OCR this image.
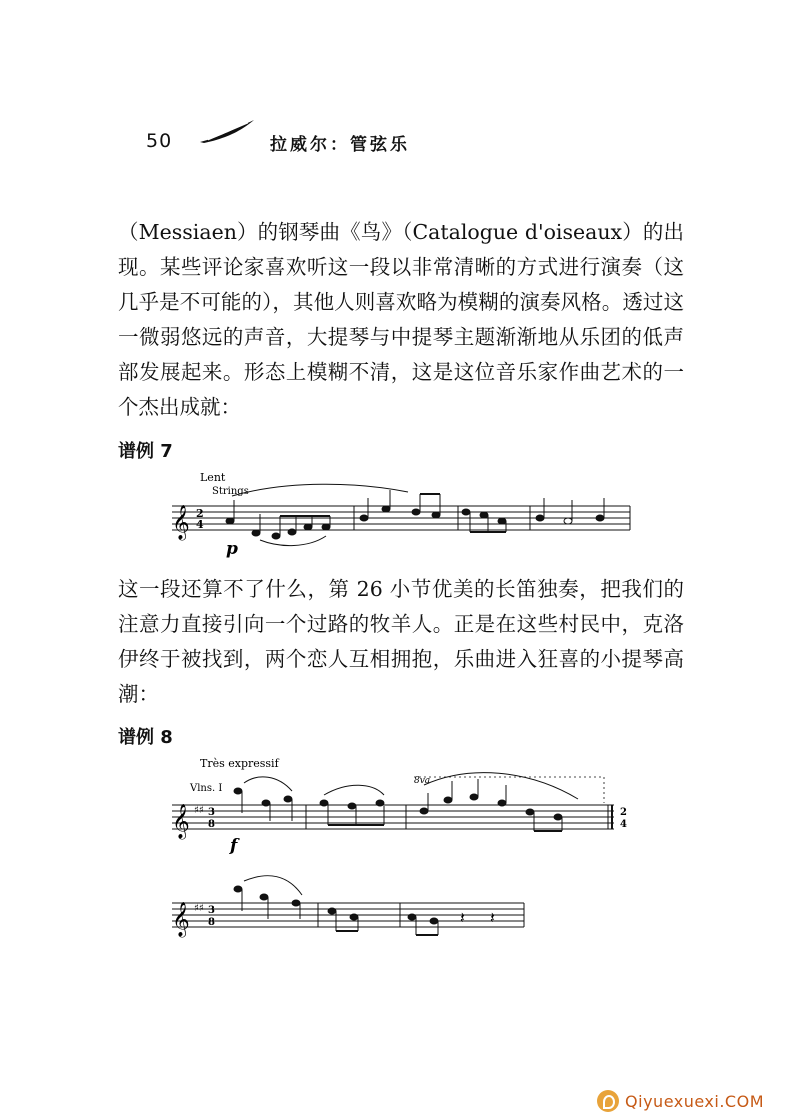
50	拉威尔：管弦乐

（Messiaen）的钢琴曲《鸟》（Catalogue d'oiseaux）的出现。某些评论家喜欢听这一段以非常清晰的方式进行演奏（这几乎是不可能的），其他人则喜欢略为模糊的演奏风格。透过这一微弱悠远的声音，大提琴与中提琴主题渐渐地从乐团的低声部发展起来。形态上模糊不清，这是这位音乐家作曲艺术的一个杰出成就：

谱例 7
Lent
Strings
𝄞 2
4
p

这一段还算不了什么，第 26 小节优美的长笛独奏，把我们的注意力直接引向一个过路的牧羊人。正是在这些村民中，克洛伊终于被找到，两个恋人互相拥抱，乐曲进入狂喜的小提琴高潮：

谱例 8
Très expressif
Vlns. I
𝄞 ♯♯ 3
8
2
4
8va
f
𝄞 ♯♯ 3
8	𝄽 𝄽
Qiyuexuexi.COM
